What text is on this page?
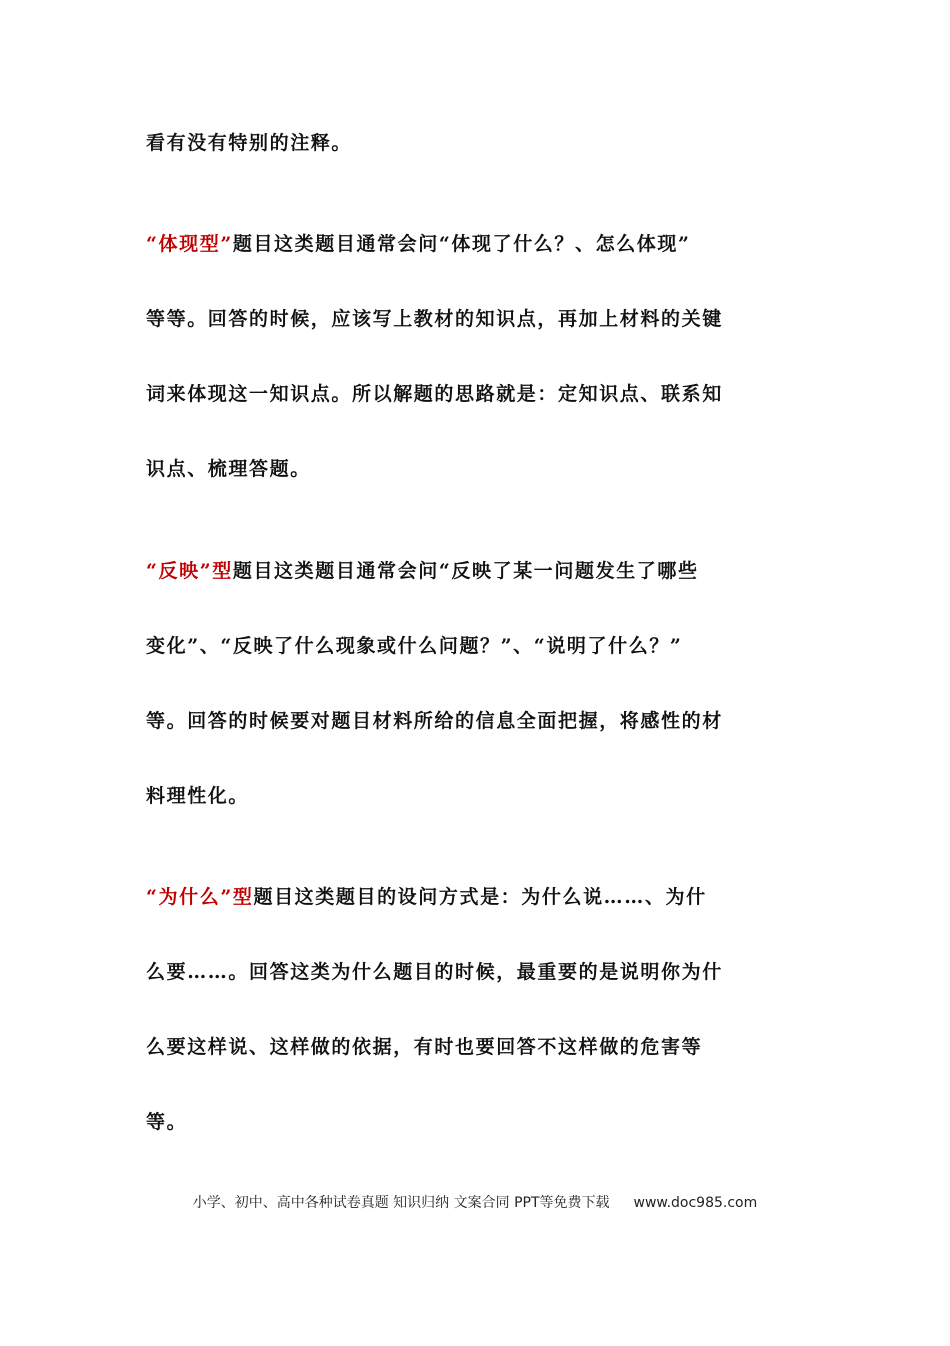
看有没有特别的注释。
“体现型”题目这类题目通常会问“体现了什么？、怎么体现”
等等。回答的时候，应该写上教材的知识点，再加上材料的关键
词来体现这一知识点。所以解题的思路就是：定知识点、联系知
识点、梳理答题。
“反映”型题目这类题目通常会问“反映了某一问题发生了哪些
变化”、“反映了什么现象或什么问题？”、“说明了什么？”
等。回答的时候要对题目材料所给的信息全面把握，将感性的材
料理性化。
“为什么”型题目这类题目的设问方式是：为什么说……、为什
么要……。回答这类为什么题目的时候，最重要的是说明你为什
么要这样说、这样做的依据，有时也要回答不这样做的危害等
等。
小学、初中、高中各种试卷真题 知识归纳 文案合同 PPT等免费下载 www.doc985.com
